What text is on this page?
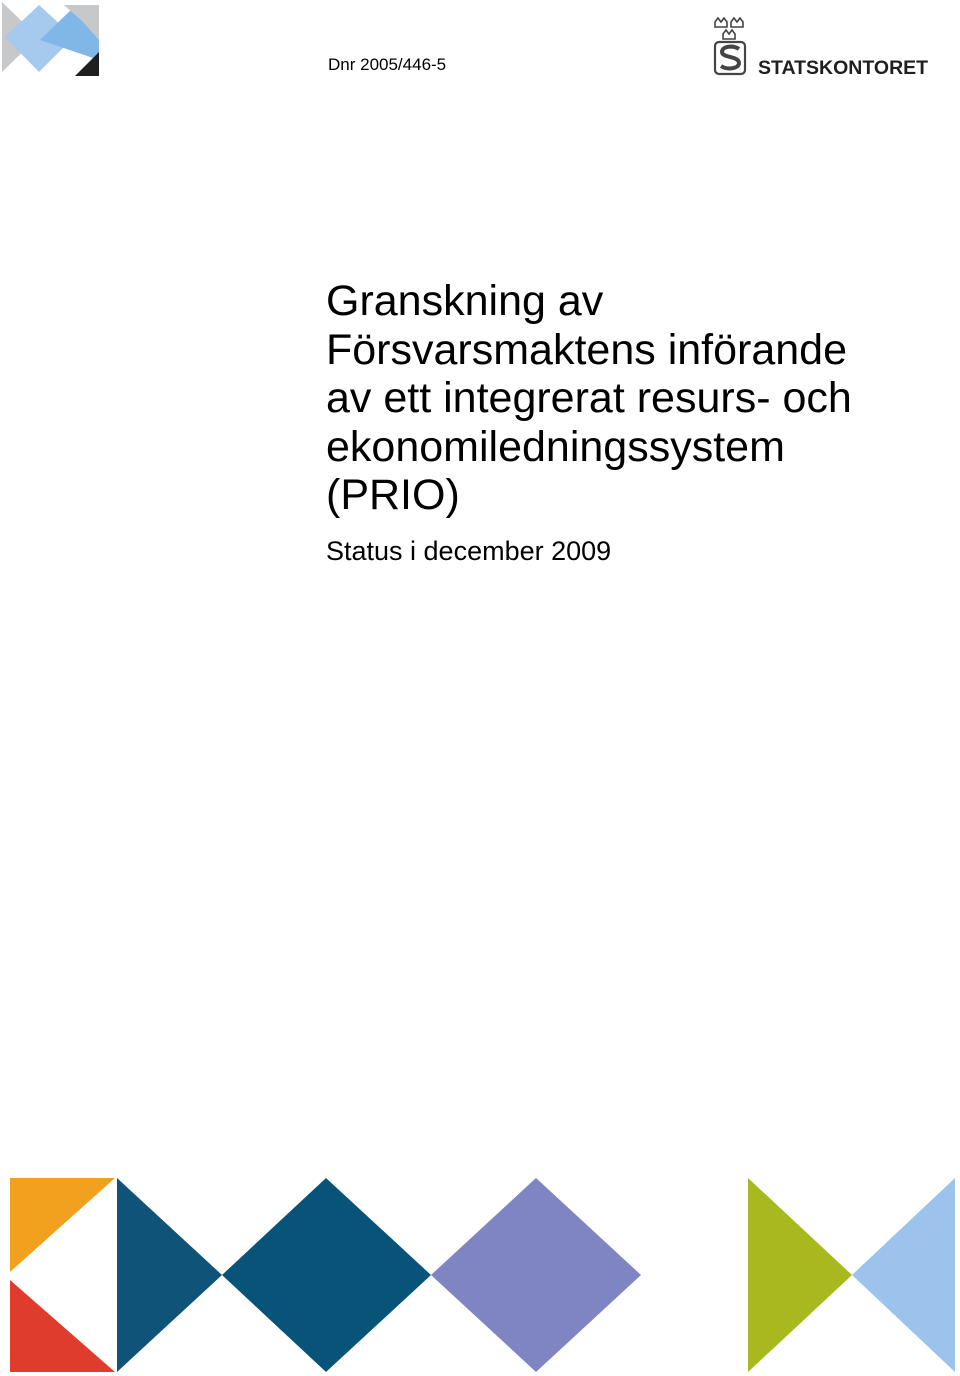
Dnr 2005/446-5	STATSKONTORET
Granskning av
Försvarsmaktens införande
av ett integrerat resurs- och
ekonomiledningssystem
(PRIO)
Status i december 2009
